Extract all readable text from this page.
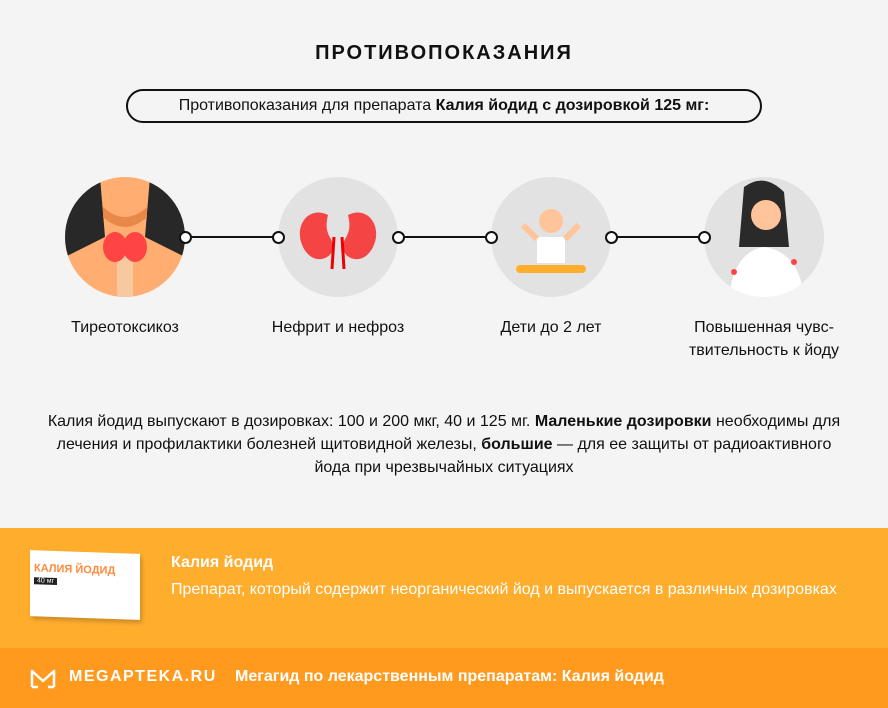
ПРОТИВОПОКАЗАНИЯ
Противопоказания для препарата Калия йодид с дозировкой 125 мг:
Тиреотоксикоз	Нефрит и нефроз	Дети до 2 лет	Повышенная чувс-
твительность к йоду
Калия йодид выпускают в дозировках: 100 и 200 мкг, 40 и 125 мг. Маленькие дозировки необходимы для лечения и профилактики болезней щитовидной железы, большие — для ее защиты от радиоактивного йода при чрезвычайных ситуациях
КАЛИЯ ЙОДИД
40 мг
Калия йодид
Препарат, который содержит неорганический йод и выпускается в различных дозировках
MEGAPTEKA.RU Мегагид по лекарственным препаратам: Калия йодид
